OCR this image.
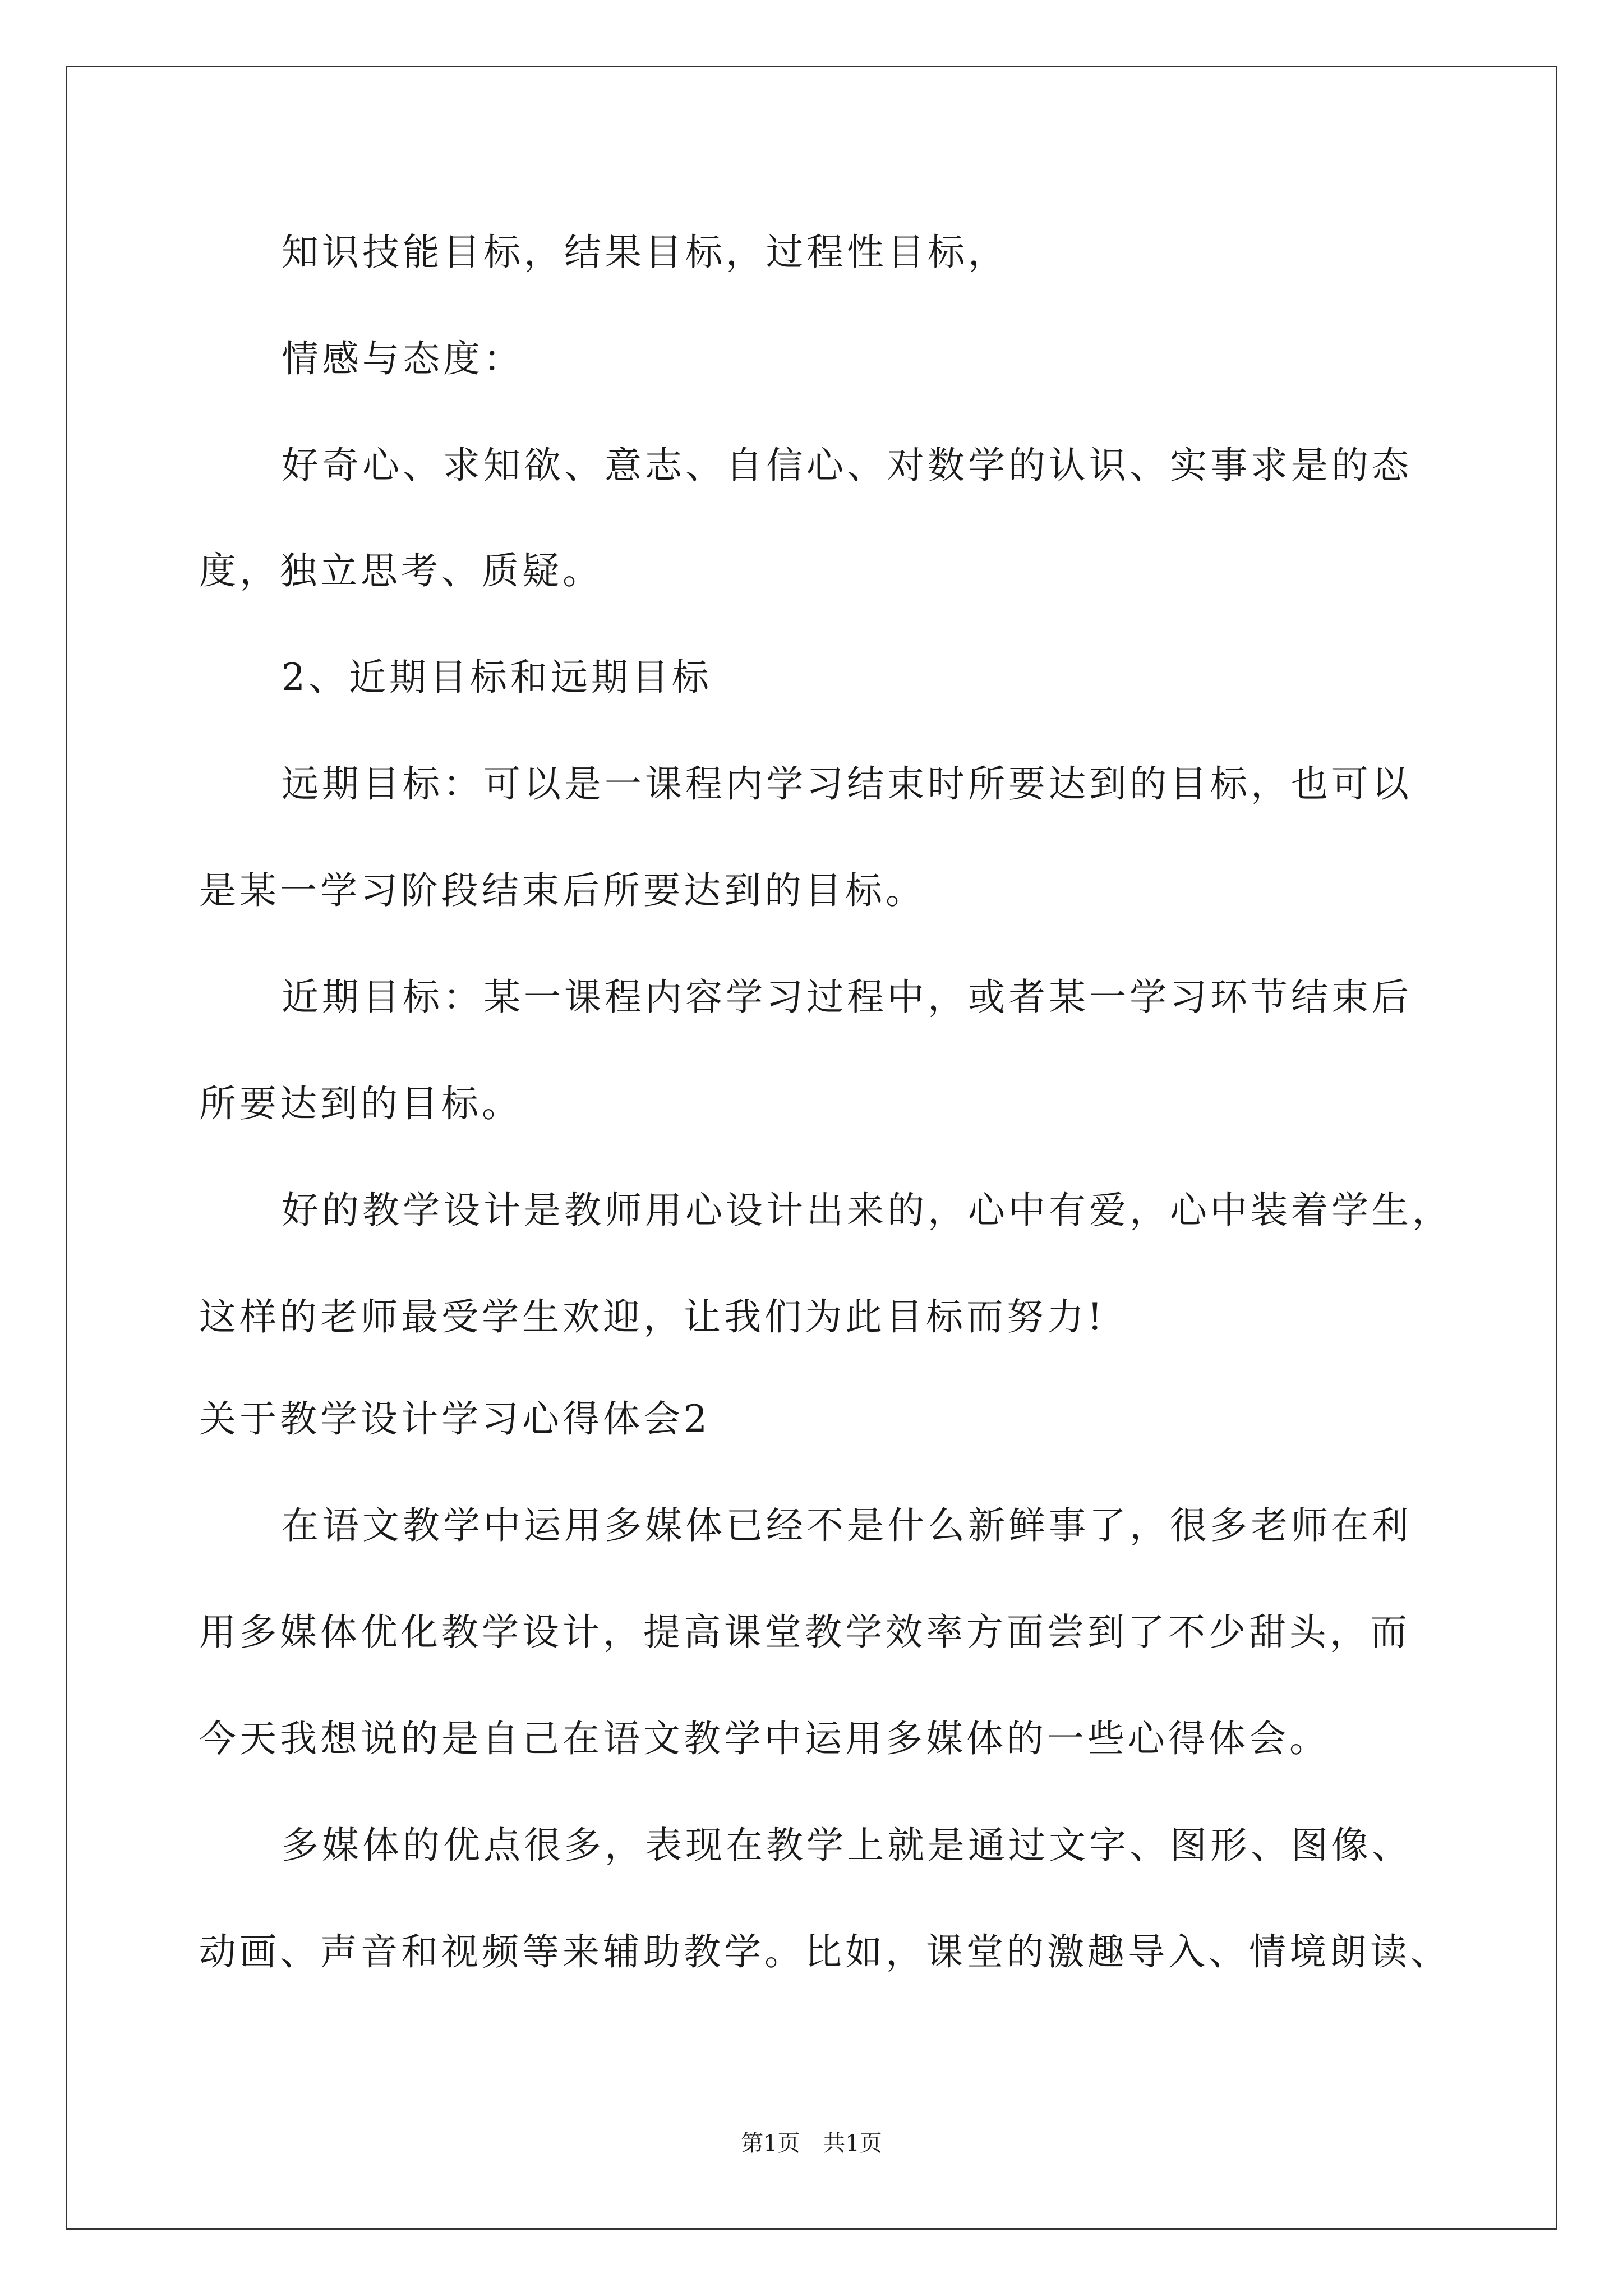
知识技能目标，结果目标，过程性目标，
情感与态度：
好奇心、求知欲、意志、自信心、对数学的认识、实事求是的态
度，独立思考、质疑。
2、近期目标和远期目标
远期目标：可以是一课程内学习结束时所要达到的目标，也可以
是某一学习阶段结束后所要达到的目标。
近期目标：某一课程内容学习过程中，或者某一学习环节结束后
所要达到的目标。
好的教学设计是教师用心设计出来的，心中有爱，心中装着学生，
这样的老师最受学生欢迎，让我们为此目标而努力!
关于教学设计学习心得体会2
在语文教学中运用多媒体已经不是什么新鲜事了，很多老师在利
用多媒体优化教学设计，提高课堂教学效率方面尝到了不少甜头，而
今天我想说的是自己在语文教学中运用多媒体的一些心得体会。
多媒体的优点很多，表现在教学上就是通过文字、图形、图像、
动画、声音和视频等来辅助教学。比如，课堂的激趣导入、情境朗读、
第1页 共1页
